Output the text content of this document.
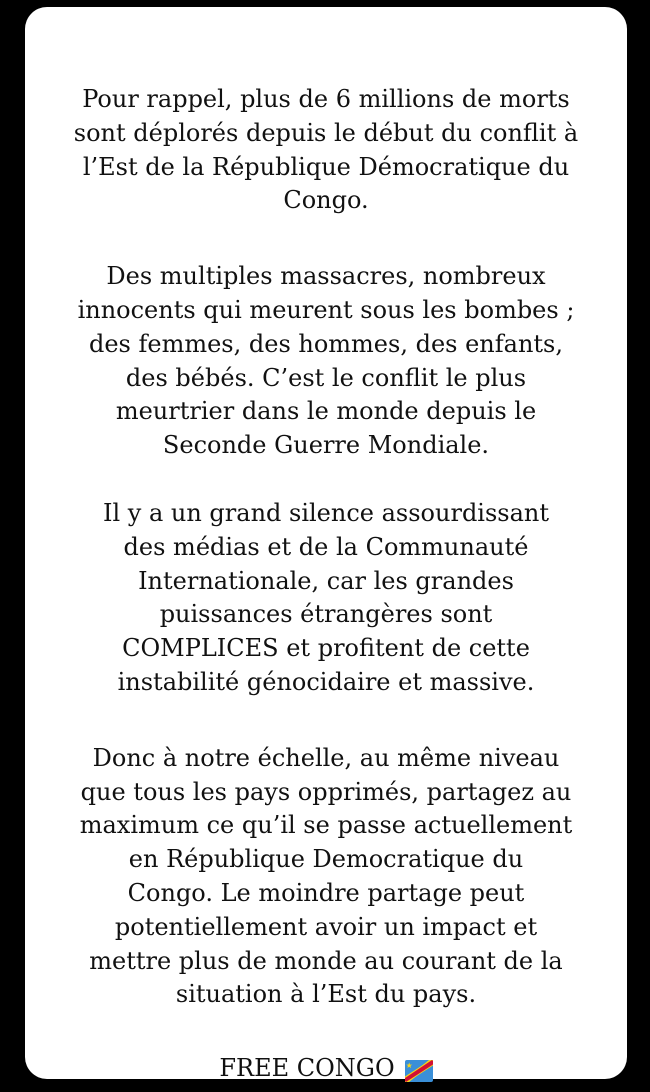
Pour rappel, plus de 6 millions de morts
sont déplorés depuis le début du conflit à
l’Est de la République Démocratique du
Congo.

Des multiples massacres, nombreux
innocents qui meurent sous les bombes ;
des femmes, des hommes, des enfants,
des bébés. C’est le conflit le plus
meurtrier dans le monde depuis le
Seconde Guerre Mondiale.

Il y a un grand silence assourdissant
des médias et de la Communauté
Internationale, car les grandes
puissances étrangères sont
COMPLICES et profitent de cette
instabilité génocidaire et massive.

Donc à notre échelle, au même niveau
que tous les pays opprimés, partagez au
maximum ce qu’il se passe actuellement
en République Democratique du
Congo. Le moindre partage peut
potentiellement avoir un impact et
mettre plus de monde au courant de la
situation à l’Est du pays.

FREE CONGO
